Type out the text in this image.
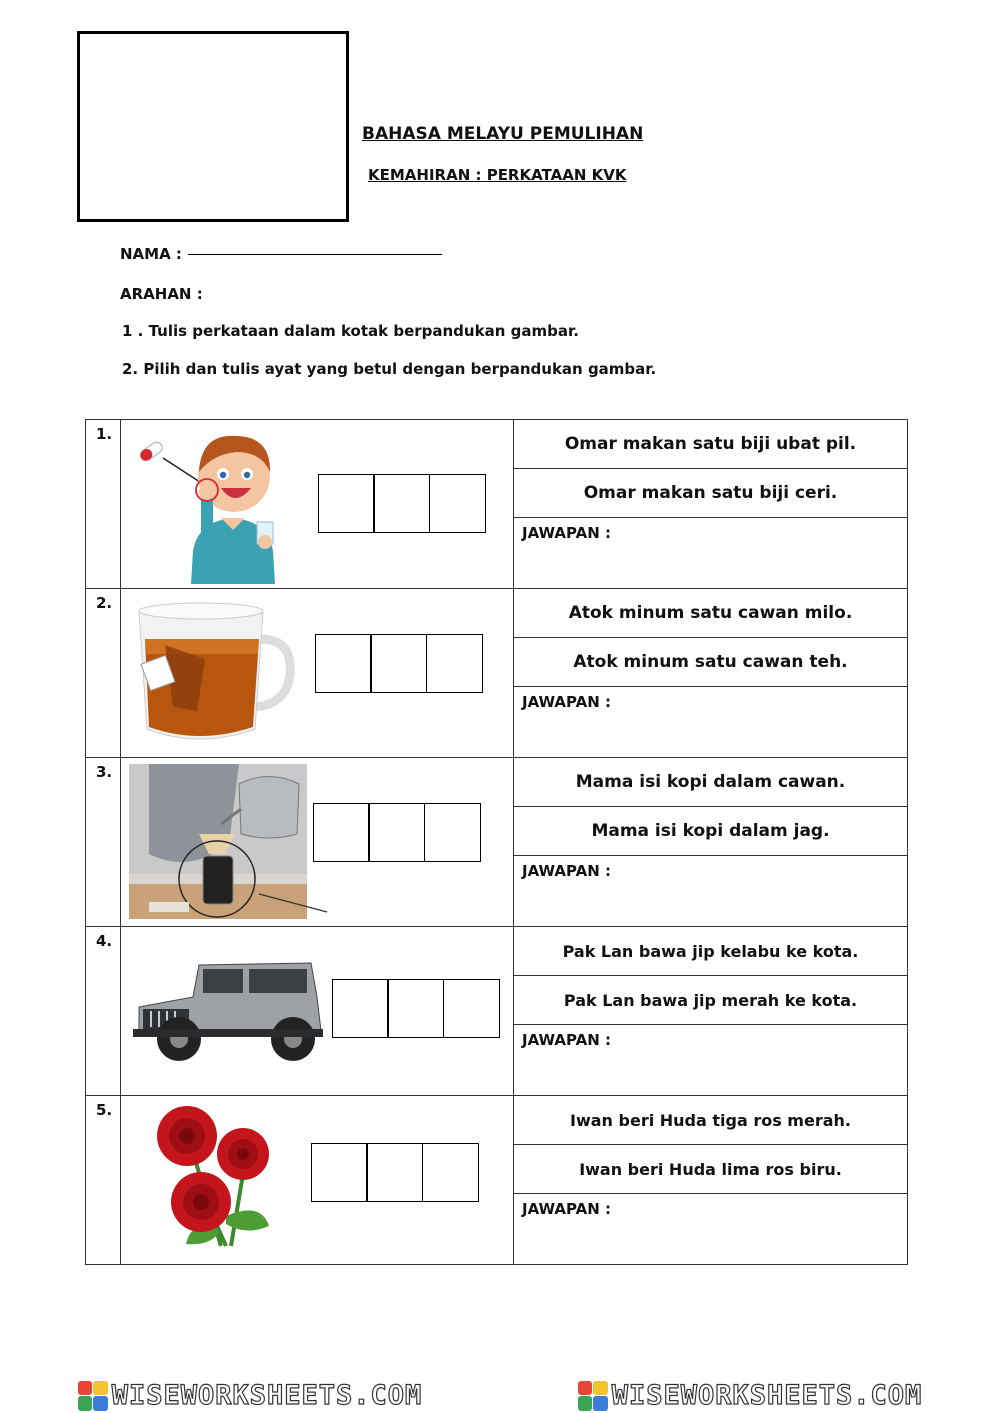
BAHASA MELAYU PEMULIHAN
KEMAHIRAN : PERKATAAN KVK
NAMA :
ARAHAN :
1 . Tulis perkataan dalam kotak berpandukan gambar.
2. Pilih dan tulis ayat yang betul dengan berpandukan gambar.
1.		Omar makan satu biji ubat pil.
Omar makan satu biji ceri.
JAWAPAN :

2.		Atok minum satu cawan milo.
Atok minum satu cawan teh.
JAWAPAN :

3.		Mama isi kopi dalam cawan.
Mama isi kopi dalam jag.
JAWAPAN :

4.		Pak Lan bawa jip kelabu ke kota.
Pak Lan bawa jip merah ke kota.
JAWAPAN :

5.		Iwan beri Huda tiga ros merah.
Iwan beri Huda lima ros biru.
JAWAPAN :
WISEWORKSHEETS.COM	WISEWORKSHEETS.COM
